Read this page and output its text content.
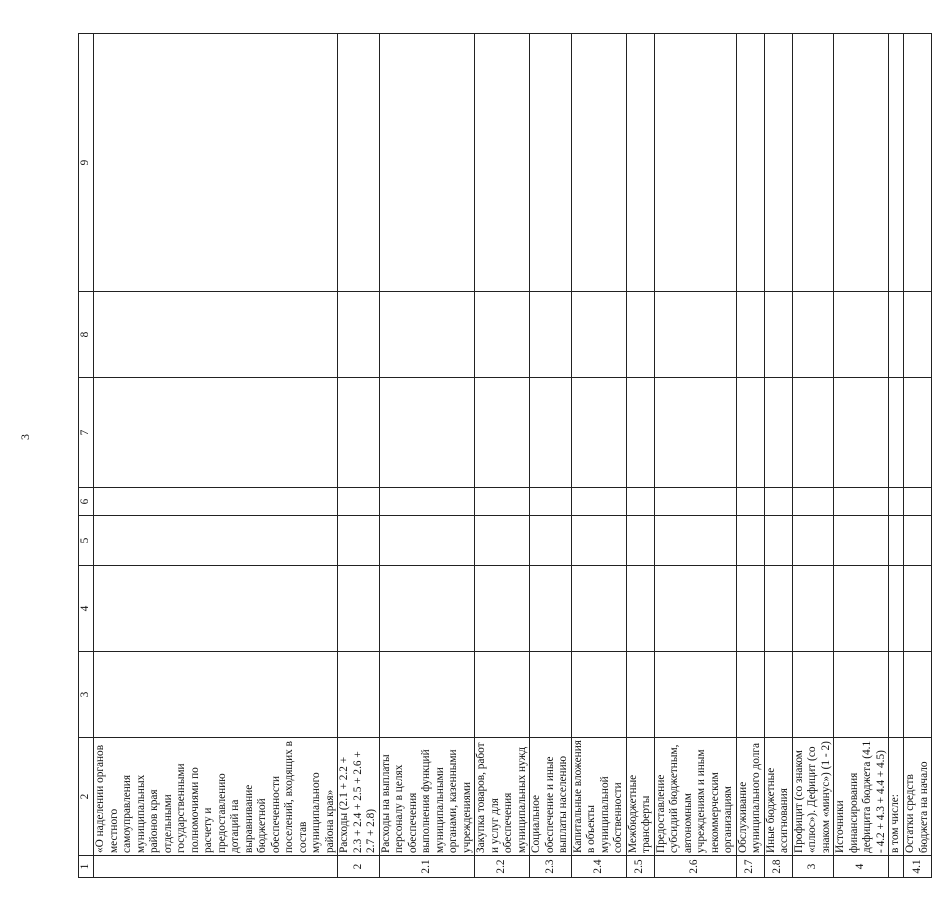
3
1	2	3	4	5	6	7	8	9
	«О наделении органов местного самоуправления муниципальных районов края отдельными государственными полномочиями по расчету и предоставлению дотаций на выравнивание бюджетной обеспеченности поселений, входящих в состав муниципального района края»							
2	Расходы (2.1 + 2.2 + 2.3 + 2.4 + 2.5 + 2.6 + 2.7 + 2.8)							
2.1	Расходы на выплаты персоналу в целях обеспечения выполнения функций муниципальными органами, казенными учреждениями							
2.2	Закупка товаров, работ и услуг для обеспечения муниципальных нужд							
2.3	Социальное обеспечение и иные выплаты населению							
2.4	Капитальные вложения в объекты муниципальной собственности							
2.5	Межбюджетные трансферты							
2.6	Предоставление субсидий бюджетным, автономным учреждениям и иным некоммерческим организациям							
2.7	Обслуживание муниципального долга							
2.8	Иные бюджетные ассигнования							
3	Профицит (со знаком «плюс»). Дефицит (со знаком «минус») (1 - 2)							
4	Источники финансирования дефицита бюджета (4.1 - 4.2 + 4.3 + 4.4 + 4.5)							
	в том числе:							
4.1	Остатки средств бюджета на начало							
